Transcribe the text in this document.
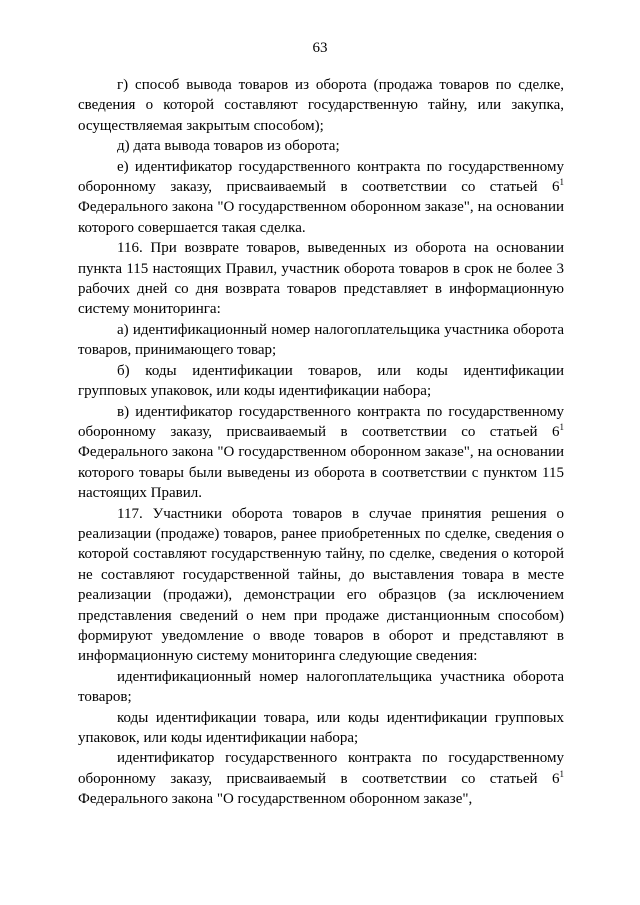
63

г) способ вывода товаров из оборота (продажа товаров по сделке, сведения о которой составляют государственную тайну, или закупка, осуществляемая закрытым способом);

д) дата вывода товаров из оборота;

е) идентификатор государственного контракта по государственному оборонному заказу, присваиваемый в соответствии со статьей $6^1$ Федерального закона "О государственном оборонном заказе", на основании которого совершается такая сделка.

116. При возврате товаров, выведенных из оборота на основании пункта 115 настоящих Правил, участник оборота товаров в срок не более 3 рабочих дней со дня возврата товаров представляет в информационную систему мониторинга:

а) идентификационный номер налогоплательщика участника оборота товаров, принимающего товар;

б) коды идентификации товаров, или коды идентификации групповых упаковок, или коды идентификации набора;

в) идентификатор государственного контракта по государственному оборонному заказу, присваиваемый в соответствии со статьей $6^1$ Федерального закона "О государственном оборонном заказе", на основании которого товары были выведены из оборота в соответствии с пунктом 115 настоящих Правил.

117. Участники оборота товаров в случае принятия решения о реализации (продаже) товаров, ранее приобретенных по сделке, сведения о которой составляют государственную тайну, по сделке, сведения о которой не составляют государственной тайны, до выставления товара в месте реализации (продажи), демонстрации его образцов (за исключением представления сведений о нем при продаже дистанционным способом) формируют уведомление о вводе товаров в оборот и представляют в информационную систему мониторинга следующие сведения:

идентификационный номер налогоплательщика участника оборота товаров;

коды идентификации товара, или коды идентификации групповых упаковок, или коды идентификации набора;

идентификатор государственного контракта по государственному оборонному заказу, присваиваемый в соответствии со статьей $6^1$ Федерального закона "О государственном оборонном заказе",
